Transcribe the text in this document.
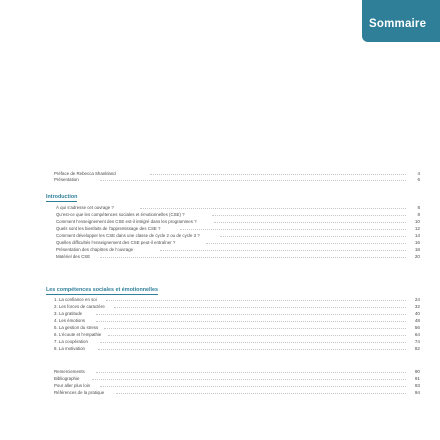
Sommaire
Préface de Rebecca Shankland	4
Présentation	6
Introduction
À qui s’adresse cet ouvrage ?	8
Qu’est-ce que les compétences sociales et émotionnelles (CSE) ?	8
Comment l’enseignement des CSE est-il intégré dans les programmes ?	10
Quels sont les bienfaits de l’apprentissage des CSE ?	12
Comment développer les CSE dans une classe de cycle 2 ou de cycle 3 ?	14
Quelles difficultés l’enseignement des CSE peut-il entraîner ?	16
Présentation des chapitres de l’ouvrage	18
Matériel des CSE	20
Les compétences sociales et émotionnelles
1. La confiance en soi	24
2. Les forces de caractère	32
3. La gratitude	40
4. Les émotions	48
5. La gestion du stress	56
6. L’écoute et l’empathie	64
7. La coopération	74
8. La motivation	82
Remerciements	90
Bibliographie	91
Pour aller plus loin	93
Références de la pratique	94
